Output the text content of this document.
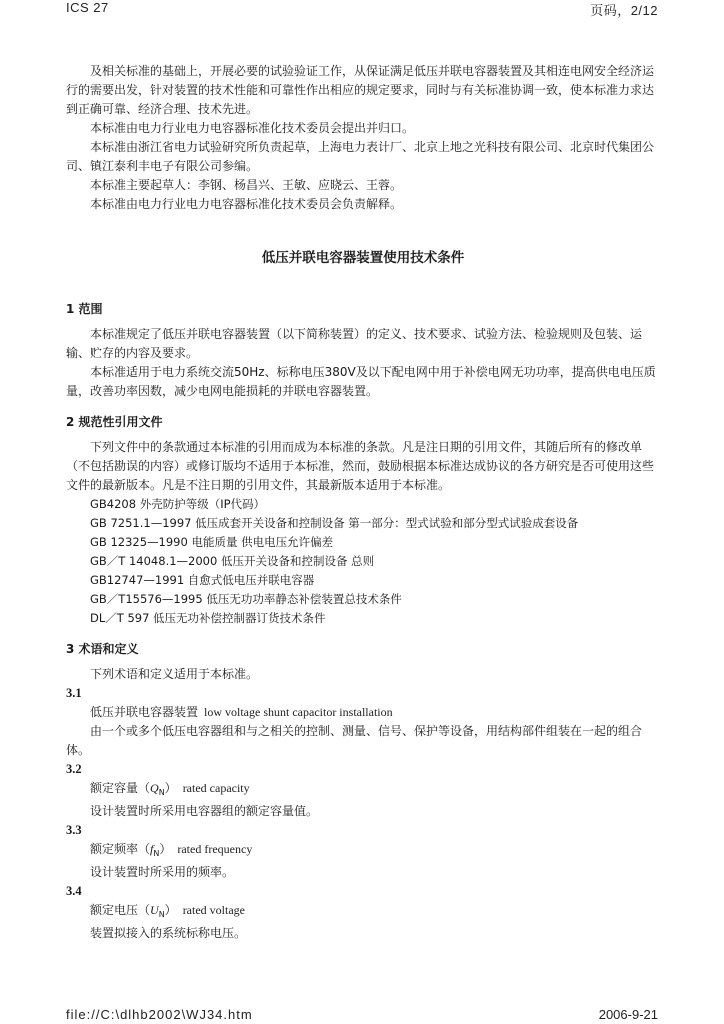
ICS 27	页码，2/12

及相关标准的基础上，开展必要的试验验证工作，从保证满足低压并联电容器装置及其相连电网安全经济运行的需要出发，针对装置的技术性能和可靠性作出相应的规定要求，同时与有关标准协调一致，使本标准力求达到正确可靠、经济合理、技术先进。

本标准由电力行业电力电容器标准化技术委员会提出并归口。

本标准由浙江省电力试验研究所负责起草，上海电力表计厂、北京上地之光科技有限公司、北京时代集团公司、镇江泰利丰电子有限公司参编。

本标准主要起草人：李钢、杨昌兴、王敏、应晓云、王蓉。

本标准由电力行业电力电容器标准化技术委员会负责解释。

低压并联电容器装置使用技术条件
1 范围

本标准规定了低压并联电容器装置（以下简称装置）的定义、技术要求、试验方法、检验规则及包装、运输、贮存的内容及要求。

本标准适用于电力系统交流50Hz、标称电压380V及以下配电网中用于补偿电网无功功率，提高供电电压质量，改善功率因数，减少电网电能损耗的并联电容器装置。

2 规范性引用文件

下列文件中的条款通过本标准的引用而成为本标准的条款。凡是注日期的引用文件，其随后所有的修改单（不包括勘误的内容）或修订版均不适用于本标准，然而，鼓励根据本标准达成协议的各方研究是否可使用这些文件的最新版本。凡是不注日期的引用文件，其最新版本适用于本标准。

GB4208 外壳防护等级（IP代码）
GB 7251.1—1997 低压成套开关设备和控制设备 第一部分：型式试验和部分型式试验成套设备
GB 12325—1990 电能质量 供电电压允许偏差
GB／T 14048.1—2000 低压开关设备和控制设备 总则
GB12747—1991 自愈式低电压并联电容器
GB／T15576—1995 低压无功功率静态补偿装置总技术条件
DL／T 597 低压无功补偿控制器订货技术条件
3 术语和定义

下列术语和定义适用于本标准。

3.1
低压并联电容器装置 low voltage shunt capacitor installation

由一个或多个低压电容器组和与之相关的控制、测量、信号、保护等设备，用结构部件组装在一起的组合体。

3.2
额定容量$(Q_N)$ rated capacity

设计装置时所采用电容器组的额定容量值。

3.3
额定频率$(f_N)$ rated frequency

设计装置时所采用的频率。

3.4
额定电压$(U_N)$ rated voltage

装置拟接入的系统标称电压。

file://C:\dlhb2002\WJ34.htm	2006-9-21
